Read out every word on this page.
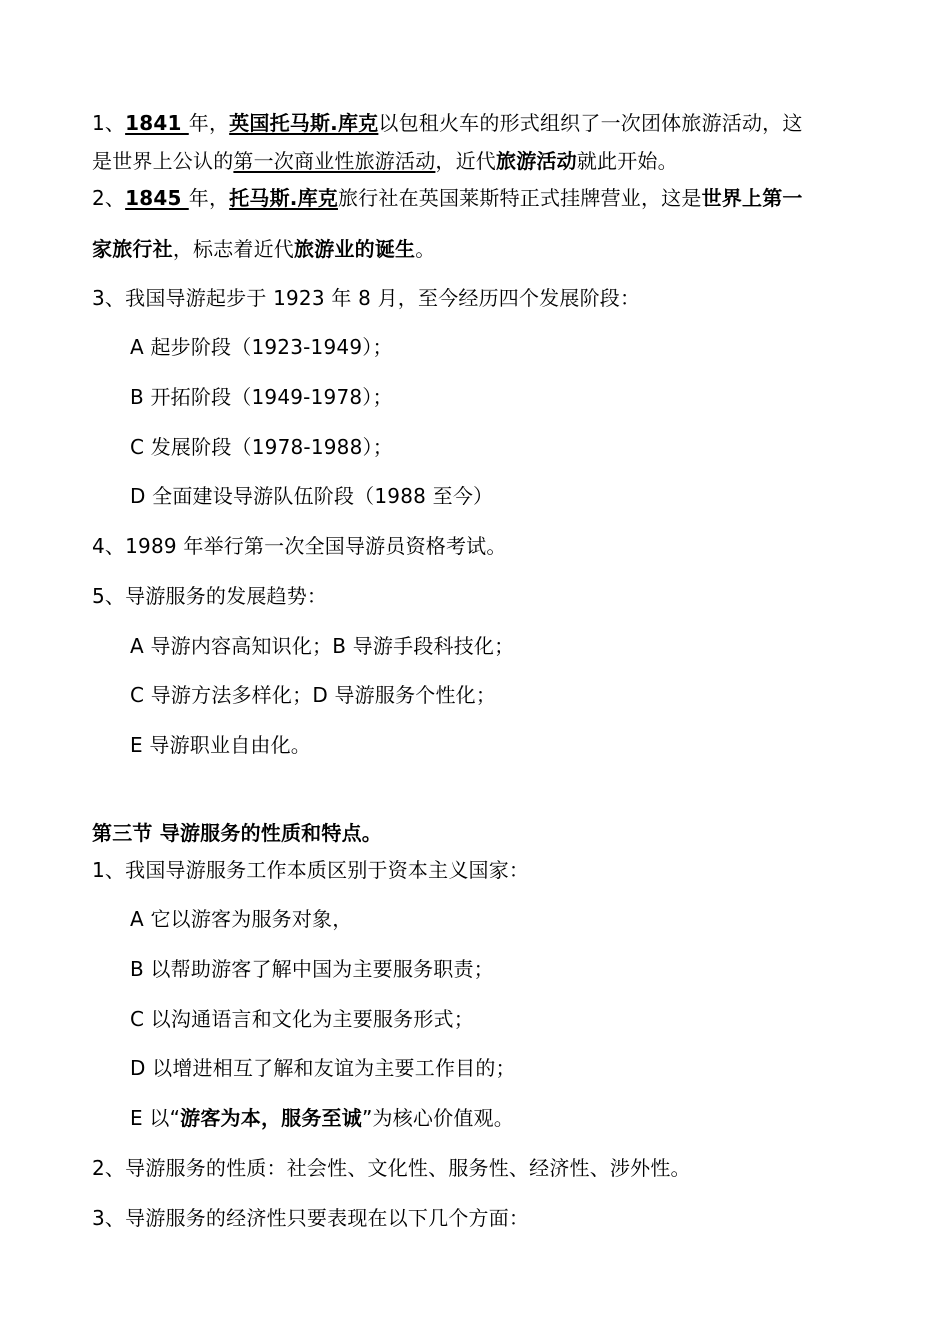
1、1841 年，英国托马斯.库克以包租火车的形式组织了一次团体旅游活动，这
是世界上公认的第一次商业性旅游活动，近代旅游活动就此开始。
2、1845 年，托马斯.库克旅行社在英国莱斯特正式挂牌营业，这是世界上第一
家旅行社，标志着近代旅游业的诞生。
3、我国导游起步于 1923 年 8 月，至今经历四个发展阶段：
A 起步阶段（1923-1949）；
B 开拓阶段（1949-1978）；
C 发展阶段（1978-1988）；
D 全面建设导游队伍阶段（1988 至今）
4、1989 年举行第一次全国导游员资格考试。
5、导游服务的发展趋势：
A 导游内容高知识化；B 导游手段科技化；
C 导游方法多样化；D 导游服务个性化；
E 导游职业自由化。
第三节 导游服务的性质和特点。
1、我国导游服务工作本质区别于资本主义国家：
A 它以游客为服务对象，
B 以帮助游客了解中国为主要服务职责；
C 以沟通语言和文化为主要服务形式；
D 以增进相互了解和友谊为主要工作目的；
E 以“游客为本，服务至诚”为核心价值观。
2、导游服务的性质：社会性、文化性、服务性、经济性、涉外性。
3、导游服务的经济性只要表现在以下几个方面：
